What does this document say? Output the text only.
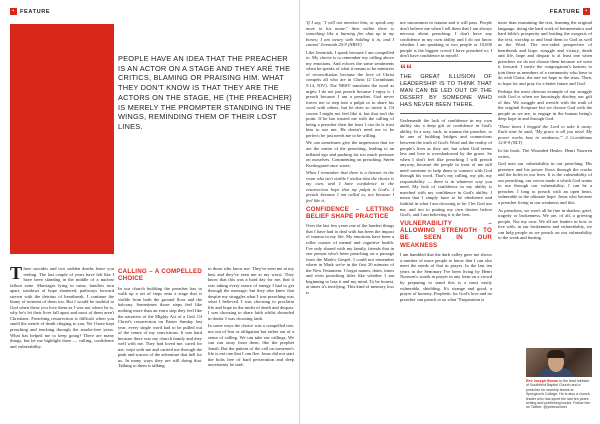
▪ FEATURE
PEOPLE HAVE AN IDEA THAT THE PREACHER IS AN ACTOR ON A STAGE AND THEY ARE THE CRITICS, BLAMING OR PRAISING HIM. WHAT THEY DON'T KNOW IS THAT THEY ARE THE ACTORS ON THE STAGE, HE (THE PREACHER) IS MERELY THE PROMPTER STANDING IN THE WINGS, REMINDING THEM OF THEIR LOST LINES.

Three suicides and two sudden deaths leave you reeling. The last couple of years have felt like I have been standing in the middle of a nuclear fallout zone. Marriages lying in ruins, families torn apart, windows of hope shattered, pathways forward strewn with the detritus of heartbreak. I continue the litany of torment of them too. But I would be truthful to God when these you love them as I was not where he is, why he's let their lives fall apart and most of them aren't Christians. Preaching resurrection is difficult when you smell the stench of death clinging to you. Yet I have kept preaching and teaching through the smoke-free years. What has helped me to keep going? There are many things, but let me highlight three — calling, confidence and vulnerability.

CALLING – A COMPELLED CHOICE

In our church building the preacher has to walk up a set of steps onto a stage that is visible from both the ground floor and the balcony. Sometimes those steps feel like nothing more than an extra step they feel like the narrative of the Mighty Act of a God. Of Christ's resurrection on Easter Sunday last year, every single word had to be pulled out of the centre of my convictions. It was hard because there was my church family and they well with me. They had loved me, cared for me, wept with me and carried me through the peak and sorrow of the adventure that hell for us. In many ways they are still doing that. Talking to them is talking

to those who know me. They've seen me at my best and they've seen me at my worst. They know that this was a hard day for me, that it was taking every ounce of energy I had to get through the message; but they also knew that despite my struggles what I was preaching was what I believed. I was choosing to proclaim life and hope in the midst of death and despair. I was choosing to share faith whilst shrouded in doubt. I was choosing faith.

In some ways the choice was a compelled one, not out of fear or obligation but rather out of a sense of calling. We can take our callings. We can run away from them, like the prophet Jonah. But the pattern of the call on someone's life is not one that I can flee. Jesus did not start the bolts free of hard persecution and deep uncertainty he said:

FEATURE	▪

'If I say, "I will not mention him, or speak any more in his name," then within there is something like a burning fire shut up in my bones; I am weary with holding it in, and I cannot' Jeremiah 20:9 (NRSV)

Like Jeremiah, I speak because I am compelled to. My choice is to remember my calling above my emotions. And echoes the same sentiments when he speaks of what it means to be ministers of reconciliation because the love of Christ compels all who are in Christ (2 Corinthians 5:14, NIV). The NRSV translates the word as urges: I do not just preach because I enjoy it. I preach because I am a preacher. God never forces me to step into a pulpit or to share his word with others, but he does so invite it. Of course I might not feel like it, but that isn't the point. If he has trusted me with the calling of being a preacher then the least I can do is trust him to use me. He doesn't need me to be perfect; he just needs me to be willing.

We can sometimes give the impression that we are the centre of the preaching, leading to an inflated ego and pushing far too much pressure on ourselves. Commenting on preaching, Søren Kierkegaard once wrote,

When I remember that there is a listener in the room who isn't visible I realise that the choice is my own, and I have confidence in the resurrection hope that my pulpit is God's. I preach because I am called to, not because I feel like it.

CONFIDENCE – LETTING BELIEF SHAPE PRACTICE

Over the last few years one of the hardest things that I have had to deal with has been the impact of trauma in my life. My emotions have been a roller coaster of mental and cognitive health. I've only shared with my family, friends that in one person who's been preaching on a passage from the Mark's Gospel. I could not remember where in Mark we're in the first 20 minutes of the New Testament. I forgot names, dates, times and even preaching titles like whether I am beginning to lose it and my mind. To be honest, at times it's terrifying. This kind of memory loss is

not uncommon in trauma and it will pass. People don't believe me when I tell them that I am always nervous about preaching. I don't have any confidence in my own ability and I do not know whether I am speaking to two people or 10,000 people is the biggest crowd I have preached to; I don't have confidence in myself.

““
THE GREAT ILLUSION OF LEADERSHIP IS TO THINK THAT MAN CAN BE LED OUT OF THE DESERT BY SOMEONE WHO HAS NEVER BEEN THERE.

Underneath the lack of confidence in my own ability sits a deep gift of confidence in God's ability. In a way, such, in trauma the preacher, to be one of building bridges and connections between the truth of God's Word and the reality of people's lives as they are; but when God seems less and love is overshadowed by the grave. So when I don't feel like preaching I will preach anyway, because the people in front of me still need someone to help them to connect with God through his word. That's my calling, my job, my responsibility — there is in whatever way you need. My lack of confidence in my ability is matched with my confidence in God's ability. I mean that I simply have to be obedience and faithful in what I am choosing to be. I let God use me, and not to putting my own desires before God's, and I am believing it is the best.

VULNERABILITY – ALLOWING STRENGTH TO BE SEEN IN OUR WEAKNESS

I am humbled that the dark valley gave me shows a number of more people to know that I can also meet the needs of that in prayer. In the last ten years in the Seminary I've been living by Henri Nouwen's words in prayer in any form on a crowd by preparing to stand this is a most easily vulnerable, shielding. It's strange and good, a prayer of honesty. Prophetic for God's love and no preacher can preach to us what "Preparation is

more than examining the text, learning the original language, doing the hard work of hermeneutics and hard bible's prosperity and leading the exegesis of the text, worship to and lead them to God as well as the Word. The two-sided perspective of heartbreak and hope, struggle and victory, death and life, hope and despair is at least one when preachers we do not choose them because we were it forward. I invite the congregation's hearers to join these as members of a community who have to do with Christ, the one we hope to the tears. Then, to hope for and pray for a better future and God.

Perhaps the most obvious example of our struggle with God is when we knowingly disobey our gift of this. We struggle and wrestle with the truth of the original Scripture but we choose God with the people as we are, to engage in the human being's deep hope in and through God.

'These times I begged the Lord to take it away. Each time he said, "My grace is all you need. My power works best in weakness."' 2 Corinthians 12:8-9 (NLT)

In his book, The Wounded Healer, Henri Nouwen writes,

God uses our vulnerability in our preaching. His presence and his power flows through the cracks and the holes in our lives. It is the vulnerability of our preaching, our voices made it which God wants to use through our vulnerability. I can be a preacher. I long to preach with an open heart, vulnerable to the ultimate hope. Jesus who became a preacher living in our weakness and this.

As preachers, we won't all be fine in shadow, grief, tragedy or brokenness. We are, of all, a grieving people. Not my own. We all are leaders in how to live with, in our brokenness and vulnerability, we can help people as we preach on our vulnerability to the weak and hurting.

Rev Joseph Brown is the lead minister of Southfield Baptist Church and a preacher for worship teams at Spurgeon's College. He is also a church leader who has spent the last ten years writing and publishing books. Follow him on Twitter: @joebrownnet
